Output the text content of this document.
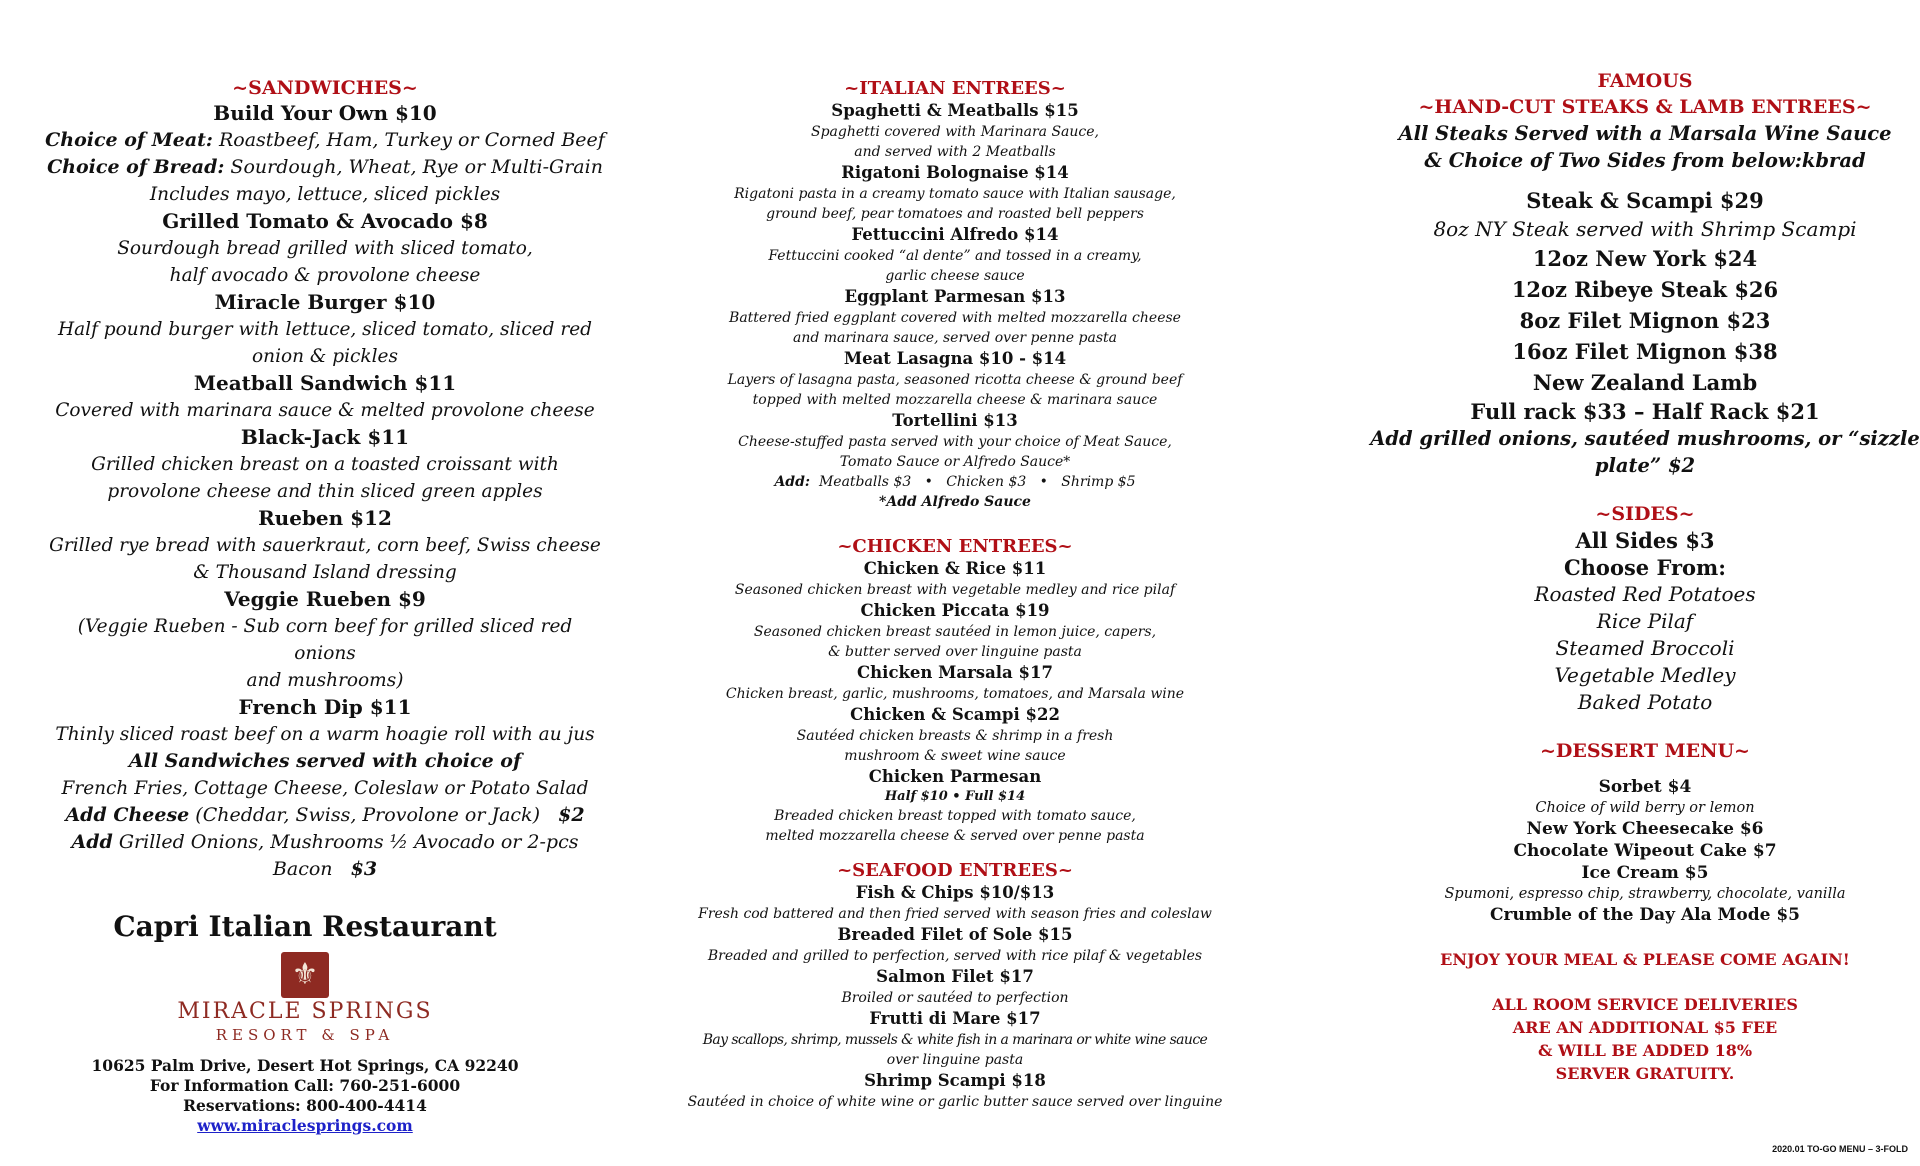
~SANDWICHES~
Build Your Own $10
Choice of Meat: Roastbeef, Ham, Turkey or Corned Beef
Choice of Bread: Sourdough, Wheat, Rye or Multi-Grain
Includes mayo, lettuce, sliced pickles
Grilled Tomato & Avocado $8
Sourdough bread grilled with sliced tomato,
half avocado & provolone cheese
Miracle Burger $10
Half pound burger with lettuce, sliced tomato, sliced red
onion & pickles
Meatball Sandwich $11
Covered with marinara sauce & melted provolone cheese
Black-Jack $11
Grilled chicken breast on a toasted croissant with
provolone cheese and thin sliced green apples
Rueben $12
Grilled rye bread with sauerkraut, corn beef, Swiss cheese
& Thousand Island dressing
Veggie Rueben $9
(Veggie Rueben - Sub corn beef for grilled sliced red onions
and mushrooms)
French Dip $11
Thinly sliced roast beef on a warm hoagie roll with au jus
All Sandwiches served with choice of
French Fries, Cottage Cheese, Coleslaw or Potato Salad
Add Cheese (Cheddar, Swiss, Provolone or Jack)   $2
Add Grilled Onions, Mushrooms ½ Avocado or 2-pcs
Bacon   $3
Capri Italian Restaurant
⚜
MIRACLE SPRINGS
RESORT & SPA
10625 Palm Drive, Desert Hot Springs, CA 92240
For Information Call: 760-251-6000
Reservations: 800-400-4414
www.miraclesprings.com
~ITALIAN ENTREES~
Spaghetti & Meatballs $15
Spaghetti covered with Marinara Sauce,
and served with 2 Meatballs
Rigatoni Bolognaise $14
Rigatoni pasta in a creamy tomato sauce with Italian sausage,
ground beef, pear tomatoes and roasted bell peppers
Fettuccini Alfredo $14
Fettuccini cooked “al dente” and tossed in a creamy,
garlic cheese sauce
Eggplant Parmesan $13
Battered fried eggplant covered with melted mozzarella cheese
and marinara sauce, served over penne pasta
Meat Lasagna $10 - $14
Layers of lasagna pasta, seasoned ricotta cheese & ground beef
topped with melted mozzarella cheese & marinara sauce
Tortellini $13
Cheese-stuffed pasta served with your choice of Meat Sauce,
Tomato Sauce or Alfredo Sauce*
Add:  Meatballs $3   •   Chicken $3   •   Shrimp $5
*Add Alfredo Sauce
~CHICKEN ENTREES~
Chicken & Rice $11
Seasoned chicken breast with vegetable medley and rice pilaf
Chicken Piccata $19
Seasoned chicken breast sautéed in lemon juice, capers,
& butter served over linguine pasta
Chicken Marsala $17
Chicken breast, garlic, mushrooms, tomatoes, and Marsala wine
Chicken & Scampi $22
Sautéed chicken breasts & shrimp in a fresh
mushroom & sweet wine sauce
Chicken Parmesan
Half $10 • Full $14
Breaded chicken breast topped with tomato sauce,
melted mozzarella cheese & served over penne pasta
~SEAFOOD ENTREES~
Fish & Chips $10/$13
Fresh cod battered and then fried served with season fries and coleslaw
Breaded Filet of Sole $15
Breaded and grilled to perfection, served with rice pilaf & vegetables
Salmon Filet $17
Broiled or sautéed to perfection
Frutti di Mare $17
Bay scallops, shrimp, mussels & white fish in a marinara or white wine sauce
over linguine pasta
Shrimp Scampi $18
Sautéed in choice of white wine or garlic butter sauce served over linguine
FAMOUS
~HAND-CUT STEAKS & LAMB ENTREES~
All Steaks Served with a Marsala Wine Sauce
& Choice of Two Sides from below:kbrad
Steak & Scampi $29
8oz NY Steak served with Shrimp Scampi
12oz New York $24
12oz Ribeye Steak $26
8oz Filet Mignon $23
16oz Filet Mignon $38
New Zealand Lamb
Full rack $33 – Half Rack $21
Add grilled onions, sautéed mushrooms, or “sizzle
plate” $2
~SIDES~
All Sides $3
Choose From:
Roasted Red Potatoes
Rice Pilaf
Steamed Broccoli
Vegetable Medley
Baked Potato
~DESSERT MENU~
Sorbet $4
Choice of wild berry or lemon
New York Cheesecake $6
Chocolate Wipeout Cake $7
Ice Cream $5
Spumoni, espresso chip, strawberry, chocolate, vanilla
Crumble of the Day Ala Mode $5
ENJOY YOUR MEAL & PLEASE COME AGAIN!
ALL ROOM SERVICE DELIVERIES
ARE AN ADDITIONAL $5 FEE
& WILL BE ADDED 18%
SERVER GRATUITY.
2020.01 TO-GO MENU – 3-FOLD
